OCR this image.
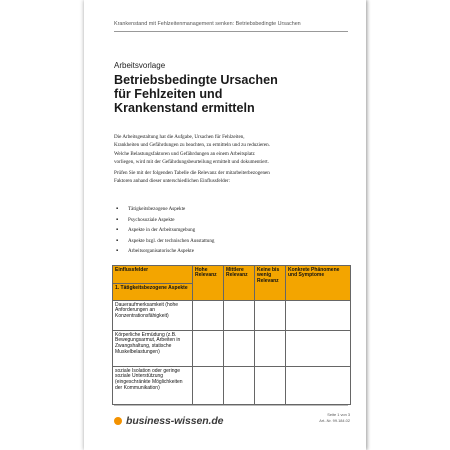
Krankenstand mit Fehlzeitenmanagement senken: Betriebsbedingte Ursachen
Arbeitsvorlage
Betriebsbedingte Ursachen
für Fehlzeiten und
Krankenstand ermitteln

Die Arbeitsgestaltung hat die Aufgabe, Ursachen für Fehlzeiten,
Krankheiten und Gefährdungen zu beachten, zu ermitteln und zu reduzieren.
Welche Belastungsfaktoren und Gefährdungen an einem Arbeitsplatz
vorliegen, wird mit der Gefährdungsbeurteilung ermittelt und dokumentiert.

Prüfen Sie mit der folgenden Tabelle die Relevanz der mitarbeiterbezogenen
Faktoren anhand dieser unterschiedlichen Einflussfelder:

▪ Tätigkeitsbezogene Aspekte
▪ Psychosoziale Aspekte
▪ Aspekte in der Arbeitsumgebung
▪ Aspekte bzgl. der technischen Ausstattung
▪ Arbeitsorganisatorische Aspekte
Einflussfelder	Hohe Relevanz	Mittlere Relevanz	Keine bis wenig Relevanz	Konkrete Phänomene und Symptome
1. Tätigkeitsbezogene Aspekte				
Daueraufmerksamkeit (hohe Anforderungen an Konzentrationsfähigkeit)				
Körperliche Ermüdung (z.B. Bewegungsarmut, Arbeiten in Zwangshaltung, statische Muskelbelastungen)				
soziale Isolation oder geringe soziale Unterstützung (eingeschränkte Möglichkeiten der Kommunikation)				
business-wissen.de
Seite 1 von 3
Art.-Nr. 99.184.02
